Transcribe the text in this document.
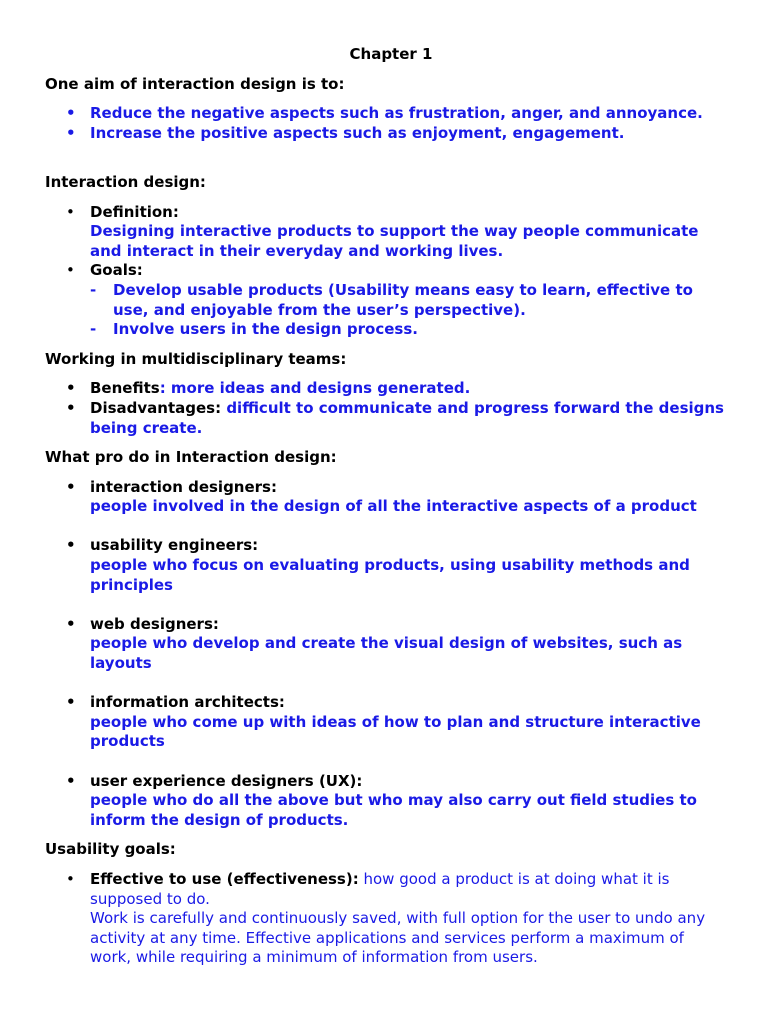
Chapter 1

One aim of interaction design is to:

• Reduce the negative aspects such as frustration, anger, and annoyance.
• Increase the positive aspects such as enjoyment, engagement.

Interaction design:

• Definition:
Designing interactive products to support the way people communicate and interact in their everyday and working lives.
• Goals:
- Develop usable products (Usability means easy to learn, effective to use, and enjoyable from the user’s perspective).
- Involve users in the design process.

Working in multidisciplinary teams:

• Benefits: more ideas and designs generated.
• Disadvantages: difficult to communicate and progress forward the designs being create.

What pro do in Interaction design:

• interaction designers:
people involved in the design of all the interactive aspects of a product
• usability engineers:
people who focus on evaluating products, using usability methods and principles
• web designers:
people who develop and create the visual design of websites, such as layouts
• information architects:
people who come up with ideas of how to plan and structure interactive products
• user experience designers (UX):
people who do all the above but who may also carry out field studies to inform the design of products.

Usability goals:

• Effective to use (effectiveness): how good a product is at doing what it is supposed to do.
Work is carefully and continuously saved, with full option for the user to undo any activity at any time. Effective applications and services perform a maximum of work, while requiring a minimum of information from users.
